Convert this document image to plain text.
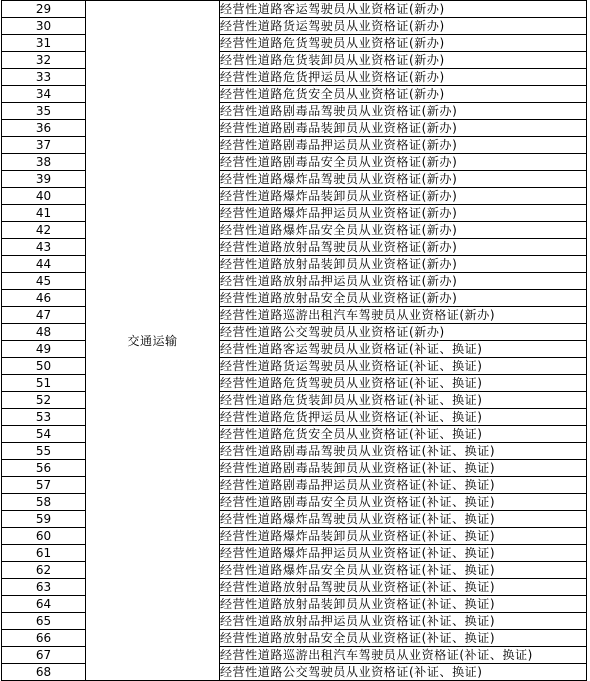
29	交通运输	经营性道路客运驾驶员从业资格证(新办)
30		经营性道路货运驾驶员从业资格证(新办)
31		经营性道路危货驾驶员从业资格证(新办)
32		经营性道路危货装卸员从业资格证(新办)
33		经营性道路危货押运员从业资格证(新办)
34		经营性道路危货安全员从业资格证(新办)
35		经营性道路剧毒品驾驶员从业资格证(新办)
36		经营性道路剧毒品装卸员从业资格证(新办)
37		经营性道路剧毒品押运员从业资格证(新办)
38		经营性道路剧毒品安全员从业资格证(新办)
39		经营性道路爆炸品驾驶员从业资格证(新办)
40		经营性道路爆炸品装卸员从业资格证(新办)
41		经营性道路爆炸品押运员从业资格证(新办)
42		经营性道路爆炸品安全员从业资格证(新办)
43		经营性道路放射品驾驶员从业资格证(新办)
44		经营性道路放射品装卸员从业资格证(新办)
45		经营性道路放射品押运员从业资格证(新办)
46		经营性道路放射品安全员从业资格证(新办)
47		经营性道路巡游出租汽车驾驶员从业资格证(新办)
48		经营性道路公交驾驶员从业资格证(新办)
49		经营性道路客运驾驶员从业资格证(补证、换证)
50		经营性道路货运驾驶员从业资格证(补证、换证)
51		经营性道路危货驾驶员从业资格证(补证、换证)
52		经营性道路危货装卸员从业资格证(补证、换证)
53		经营性道路危货押运员从业资格证(补证、换证)
54		经营性道路危货安全员从业资格证(补证、换证)
55		经营性道路剧毒品驾驶员从业资格证(补证、换证)
56		经营性道路剧毒品装卸员从业资格证(补证、换证)
57		经营性道路剧毒品押运员从业资格证(补证、换证)
58		经营性道路剧毒品安全员从业资格证(补证、换证)
59		经营性道路爆炸品驾驶员从业资格证(补证、换证)
60		经营性道路爆炸品装卸员从业资格证(补证、换证)
61		经营性道路爆炸品押运员从业资格证(补证、换证)
62		经营性道路爆炸品安全员从业资格证(补证、换证)
63		经营性道路放射品驾驶员从业资格证(补证、换证)
64		经营性道路放射品装卸员从业资格证(补证、换证)
65		经营性道路放射品押运员从业资格证(补证、换证)
66		经营性道路放射品安全员从业资格证(补证、换证)
67		经营性道路巡游出租汽车驾驶员从业资格证(补证、换证)
68		经营性道路公交驾驶员从业资格证(补证、换证)
